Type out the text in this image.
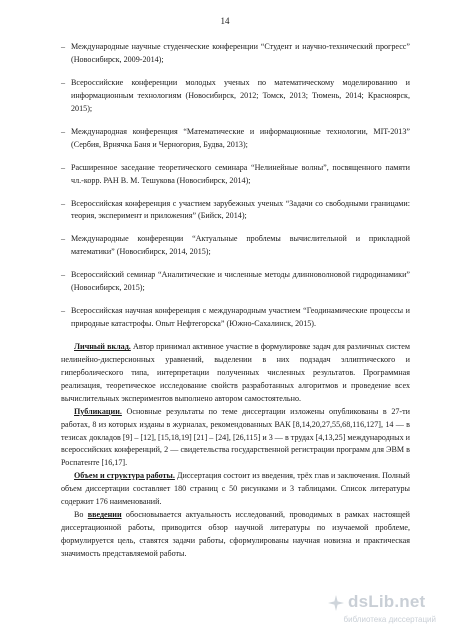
14
– Международные научные студенческие конференции “Студент и научно-технический прогресс” (Новосибирск, 2009-2014);
– Всероссийские конференции молодых ученых по математическому моделированию и информационным технологиям (Новосибирск, 2012; Томск, 2013; Тюмень, 2014; Красноярск, 2015);
– Международная конференция “Математические и информационные технологии, MIT-2013” (Сербия, Врнячка Баня и Черногория, Будва, 2013);
– Расширенное заседание теоретического семинара “Нелинейные волны”, посвященного памяти чл.-корр. РАН В. М. Тешукова (Новосибирск, 2014);
– Всероссийская конференция с участием зарубежных ученых “Задачи со свободными границами: теория, эксперимент и приложения” (Бийск, 2014);
– Международные конференции “Актуальные проблемы вычислительной и прикладной математики” (Новосибирск, 2014, 2015);
– Всероссийский семинар “Аналитические и численные методы длинноволновой гидродинамики” (Новосибирск, 2015);
– Всероссийская научная конференция с международным участием “Геодинамические процессы и природные катастрофы. Опыт Нефтегорска” (Южно-Сахалинск, 2015).

Личный вклад. Автор принимал активное участие в формулировке задач для различных систем нелинейно-дисперсионных уравнений, выделении в них подзадач эллиптического и гиперболического типа, интерпретации полученных численных результатов. Программная реализация, теоретическое исследование свойств разработанных алгоритмов и проведение всех вычислительных экспериментов выполнено автором самостоятельно.

Публикации. Основные результаты по теме диссертации изложены опубликованы в 27-ти работах, 8 из которых изданы в журналах, рекомендованных ВАК [8,14,20,27,55,68,116,127], 14 — в тезисах докладов [9] – [12], [15,18,19] [21] – [24], [26,115] и 3 — в трудах [4,13,25] международных и всероссийских конференций, 2 — свидетельства государственной регистрации программ для ЭВМ в Роспатенте [16,17].

Объем и структура работы. Диссертация состоит из введения, трёх глав и заключения. Полный объем диссертации составляет 180 страниц с 50 рисунками и 3 таблицами. Список литературы содержит 176 наименований.

Во введении обосновывается актуальность исследований, проводимых в рамках настоящей диссертационной работы, приводится обзор научной литературы по изучаемой проблеме, формулируется цель, ставятся задачи работы, сформулированы научная новизна и практическая значимость представляемой работы.

dsLib.net
библиотека диссертаций
